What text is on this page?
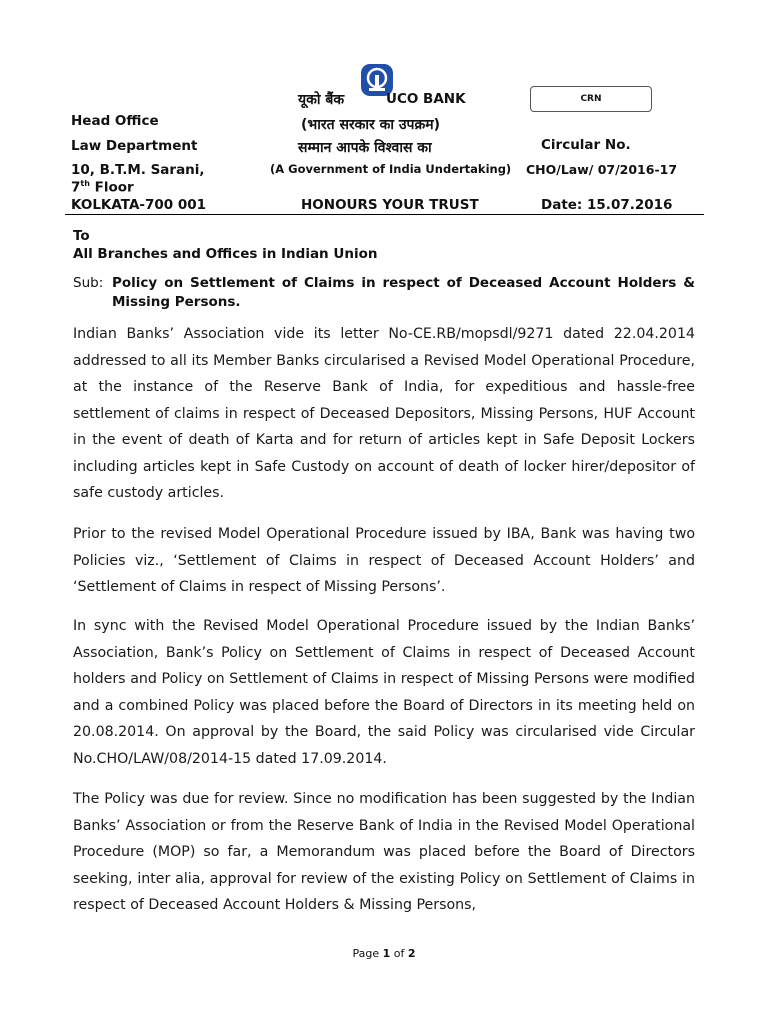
यूको बैंक	UCO BANK
(भारत सरकार का उपक्रम)
सम्मान आपके विश्वास का
(A Government of India Undertaking)
HONOURS YOUR TRUST
Head Office
Law Department
10, B.T.M. Sarani,
7th Floor
KOLKATA-700 001
CRN
Circular No.
CHO/Law/ 07/2016-17
Date: 15.07.2016
To
All Branches and Offices in Indian Union
Sub: Policy on Settlement of Claims in respect of Deceased Account Holders &
Missing Persons.

Indian Banks’ Association vide its letter No-CE.RB/mopsdl/9271 dated 22.04.2014 addressed to all its Member Banks circularised a Revised Model Operational Procedure, at the instance of the Reserve Bank of India, for expeditious and hassle-free settlement of claims in respect of Deceased Depositors, Missing Persons, HUF Account in the event of death of Karta and for return of articles kept in Safe Deposit Lockers including articles kept in Safe Custody on account of death of locker hirer/depositor of safe custody articles.

Prior to the revised Model Operational Procedure issued by IBA, Bank was having two Policies viz., ‘Settlement of Claims in respect of Deceased Account Holders’ and ‘Settlement of Claims in respect of Missing Persons’.

In sync with the Revised Model Operational Procedure issued by the Indian Banks’ Association, Bank’s Policy on Settlement of Claims in respect of Deceased Account holders and Policy on Settlement of Claims in respect of Missing Persons were modified and a combined Policy was placed before the Board of Directors in its meeting held on 20.08.2014. On approval by the Board, the said Policy was circularised vide Circular No.CHO/LAW/08/2014-15 dated 17.09.2014.

The Policy was due for review. Since no modification has been suggested by the Indian Banks’ Association or from the Reserve Bank of India in the Revised Model Operational Procedure (MOP) so far, a Memorandum was placed before the Board of Directors seeking, inter alia, approval for review of the existing Policy on Settlement of Claims in respect of Deceased Account Holders & Missing Persons,

Page 1 of 2
